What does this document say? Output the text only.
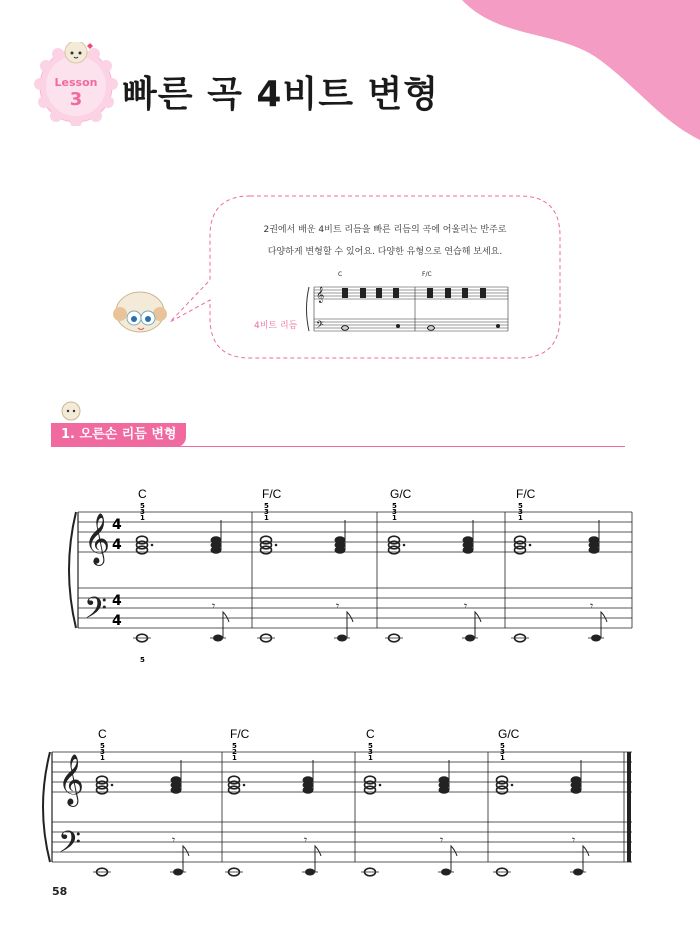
Lesson
3	빠른 곡 4비트 변형
𝄞
𝄢
2권에서 배운 4비트 리듬을 빠른 리듬의 곡에 어울리는 반주로
다양하게 변형할 수 있어요. 다양한 유형으로 연습해 보세요.
4비트 리듬
C	F/C
1. 오른손 리듬 변형
𝄞
𝄢
4
4
4
4
𝄾	𝄾	𝄾	𝄾
C
5
3
1
F/C
5
3
1
G/C
5
3
1
F/C
5
3
1
5
𝄞
𝄢	𝄾	𝄾	𝄾	𝄾
C
5
3
1
F/C
5
2
1
C
5
3
1
G/C
5
3
1
58
